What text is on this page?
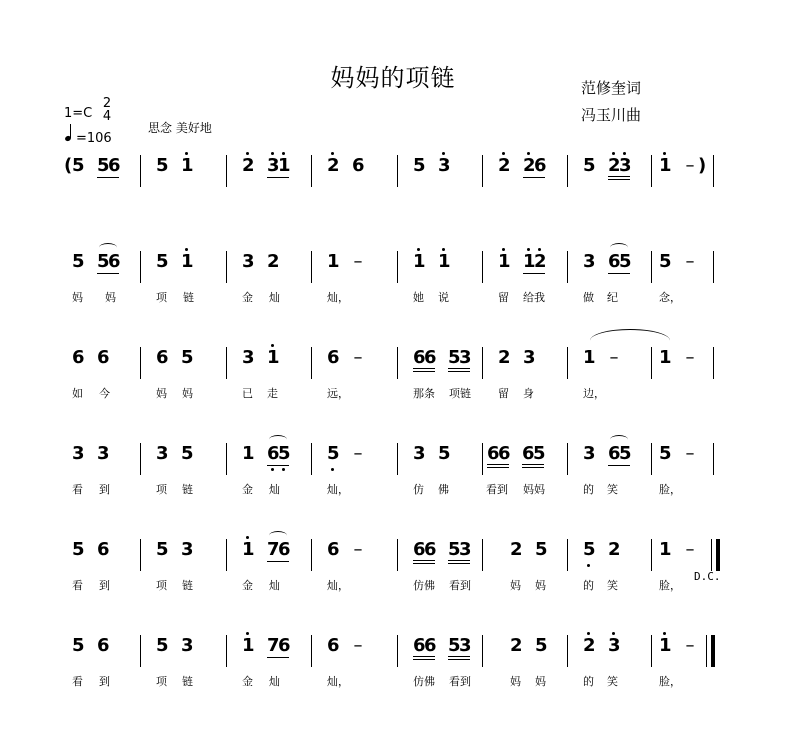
妈妈的项链	范修奎词
冯玉川曲
1=C
2
4
=106
思念 美好地
(5 56	5 1	2 31	2 6	5 3	2 26	5 23	1 – )
5 56	5 1	3 2	1 –	1 1	1 12	3 65	5 –
妈 妈	项 链	金 灿	灿，	她 说	留 给我	做 纪	念，
6 6	6 5	3 1	6 –	66 53	2 3	1 –	1 –
如 今	妈 妈	已 走	远，	那条 项链 留 身	边，
3 3	3 5	1 65	5 –	3 5	66 65	3 65	5 –
看 到	项 链	金 灿	灿，	仿 佛	看到 妈妈	的 笑	脸，
5 6	5 3	1 76	6 –	66 53	2 5	5 2	1 –
看 到	项 链	金 灿	灿，	仿佛 看到	妈 妈	的 笑	脸，
D.C.
5 6	5 3	1 76	6 –	66 53	2 5	2 3	1 –
看 到	项 链	金 灿	灿，	仿佛 看到	妈 妈	的 笑	脸，
